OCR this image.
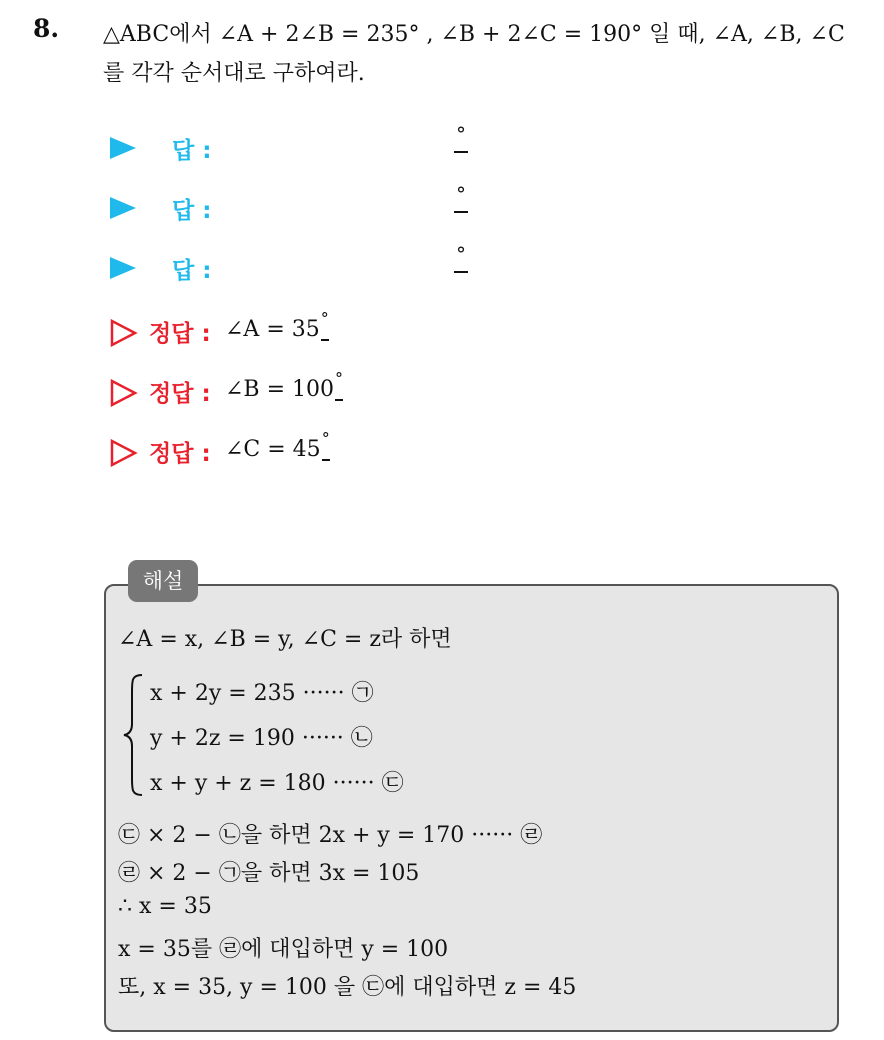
8. △ABC에서 ∠A + 2∠B = 235° , ∠B + 2∠C = 190° 일 때, ∠A, ∠B, ∠C
를 각각 순서대로 구하여라.
답 :
°
답 :
°
답 :
°
정답 : ∠A = 35°
정답 : ∠B = 100°
정답 : ∠C = 45°
해설
∠A = x, ∠B = y, ∠C = z라 하면
x + 2y = 235 ······ ㉠
y + 2z = 190 ······ ㉡
x + y + z = 180 ······ ㉢
㉢ × 2 − ㉡을 하면 2x + y = 170 ······ ㉣
㉣ × 2 − ㉠을 하면 3x = 105
∴ x = 35
x = 35를 ㉣에 대입하면 y = 100
또, x = 35, y = 100 을 ㉢에 대입하면 z = 45
